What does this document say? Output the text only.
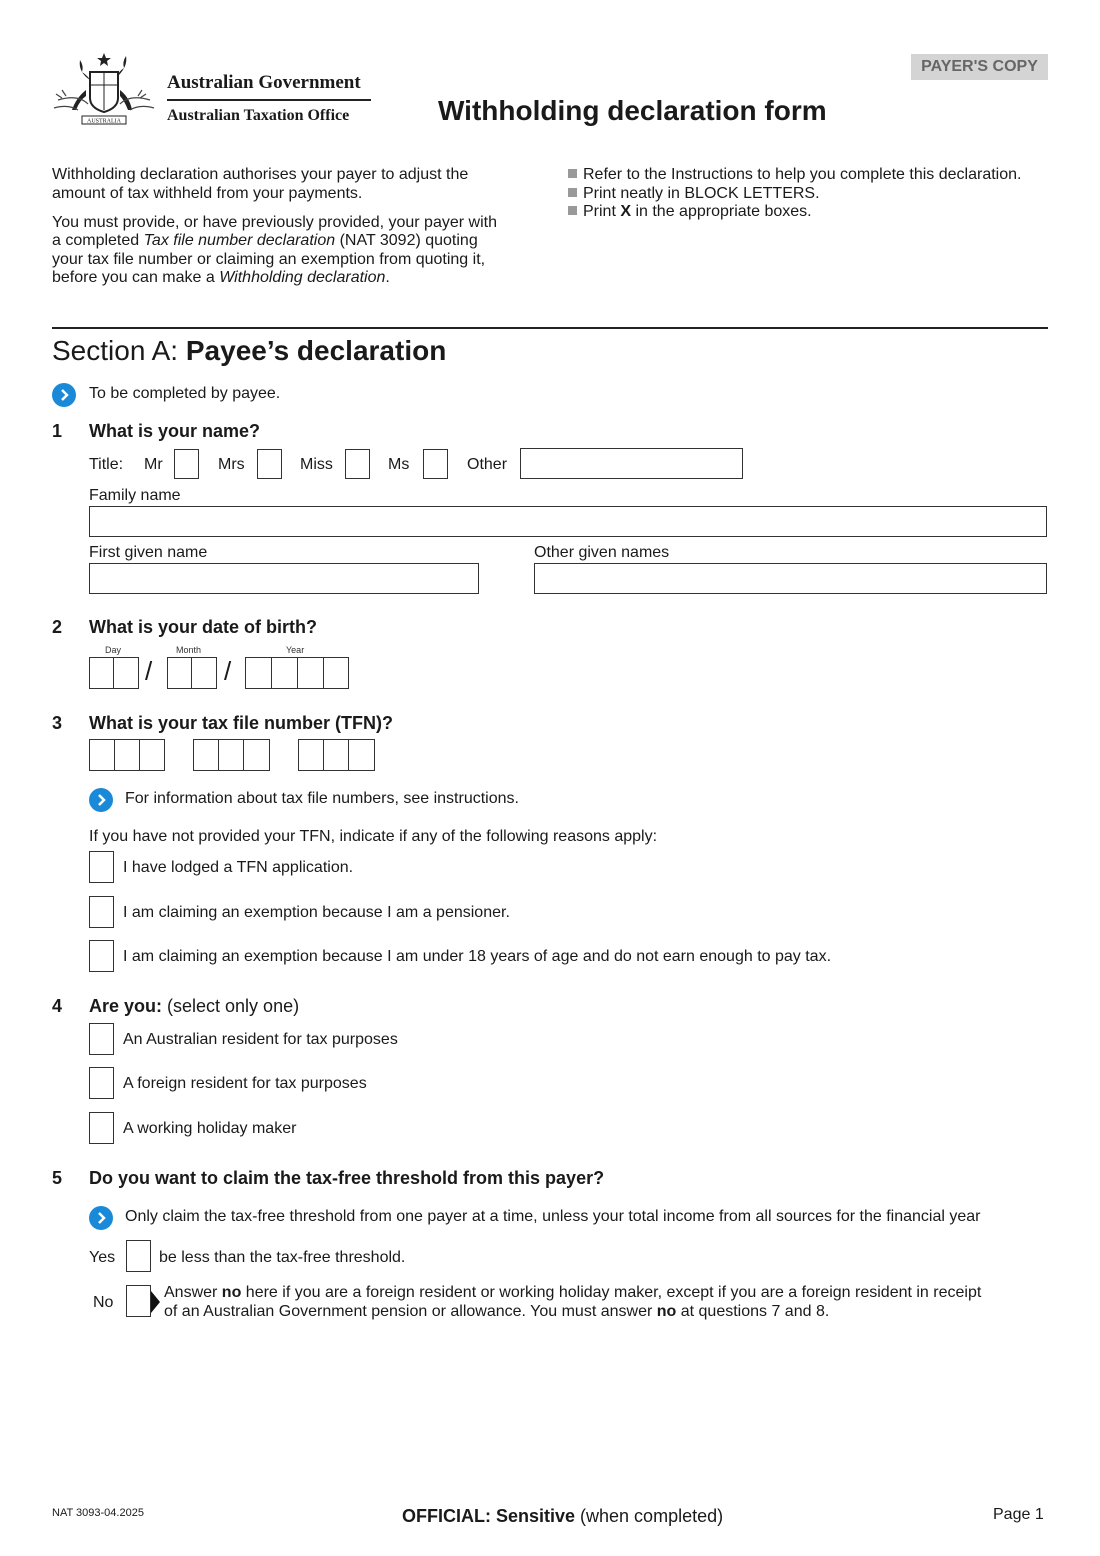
PAYER'S COPY
AUSTRALIA
Australian Government
Australian Taxation Office	Withholding declaration form
Withholding declaration authorises your payer to adjust the
amount of tax withheld from your payments.
You must provide, or have previously provided, your payer with
a completed Tax file number declaration (NAT 3092) quoting
your tax file number or claiming an exemption from quoting it,
before you can make a Withholding declaration.
Refer to the Instructions to help you complete this declaration.
Print neatly in BLOCK LETTERS.
Print X in the appropriate boxes.
Section A: Payee’s declaration
To be completed by payee.
1 What is your name?
Title: Mr	Mrs	Miss	Ms	Other
Family name
First given name	Other given names
2 What is your date of birth?
Day	Month	Year
/	/
3 What is your tax file number (TFN)?
For information about tax file numbers, see instructions.
If you have not provided your TFN, indicate if any of the following reasons apply:
I have lodged a TFN application.
I am claiming an exemption because I am a pensioner.
I am claiming an exemption because I am under 18 years of age and do not earn enough to pay tax.
4 Are you: (select only one)
An Australian resident for tax purposes
A foreign resident for tax purposes
A working holiday maker
5 Do you want to claim the tax-free threshold from this payer?
Only claim the tax-free threshold from one payer at a time, unless your total income from all sources for the financial year
Yes	be less than the tax-free threshold.
No
Answer no here if you are a foreign resident or working holiday maker, except if you are a foreign resident in receipt
of an Australian Government pension or allowance. You must answer no at questions 7 and 8.
NAT 3093-04.2025	OFFICIAL: Sensitive (when completed)	Page 1
